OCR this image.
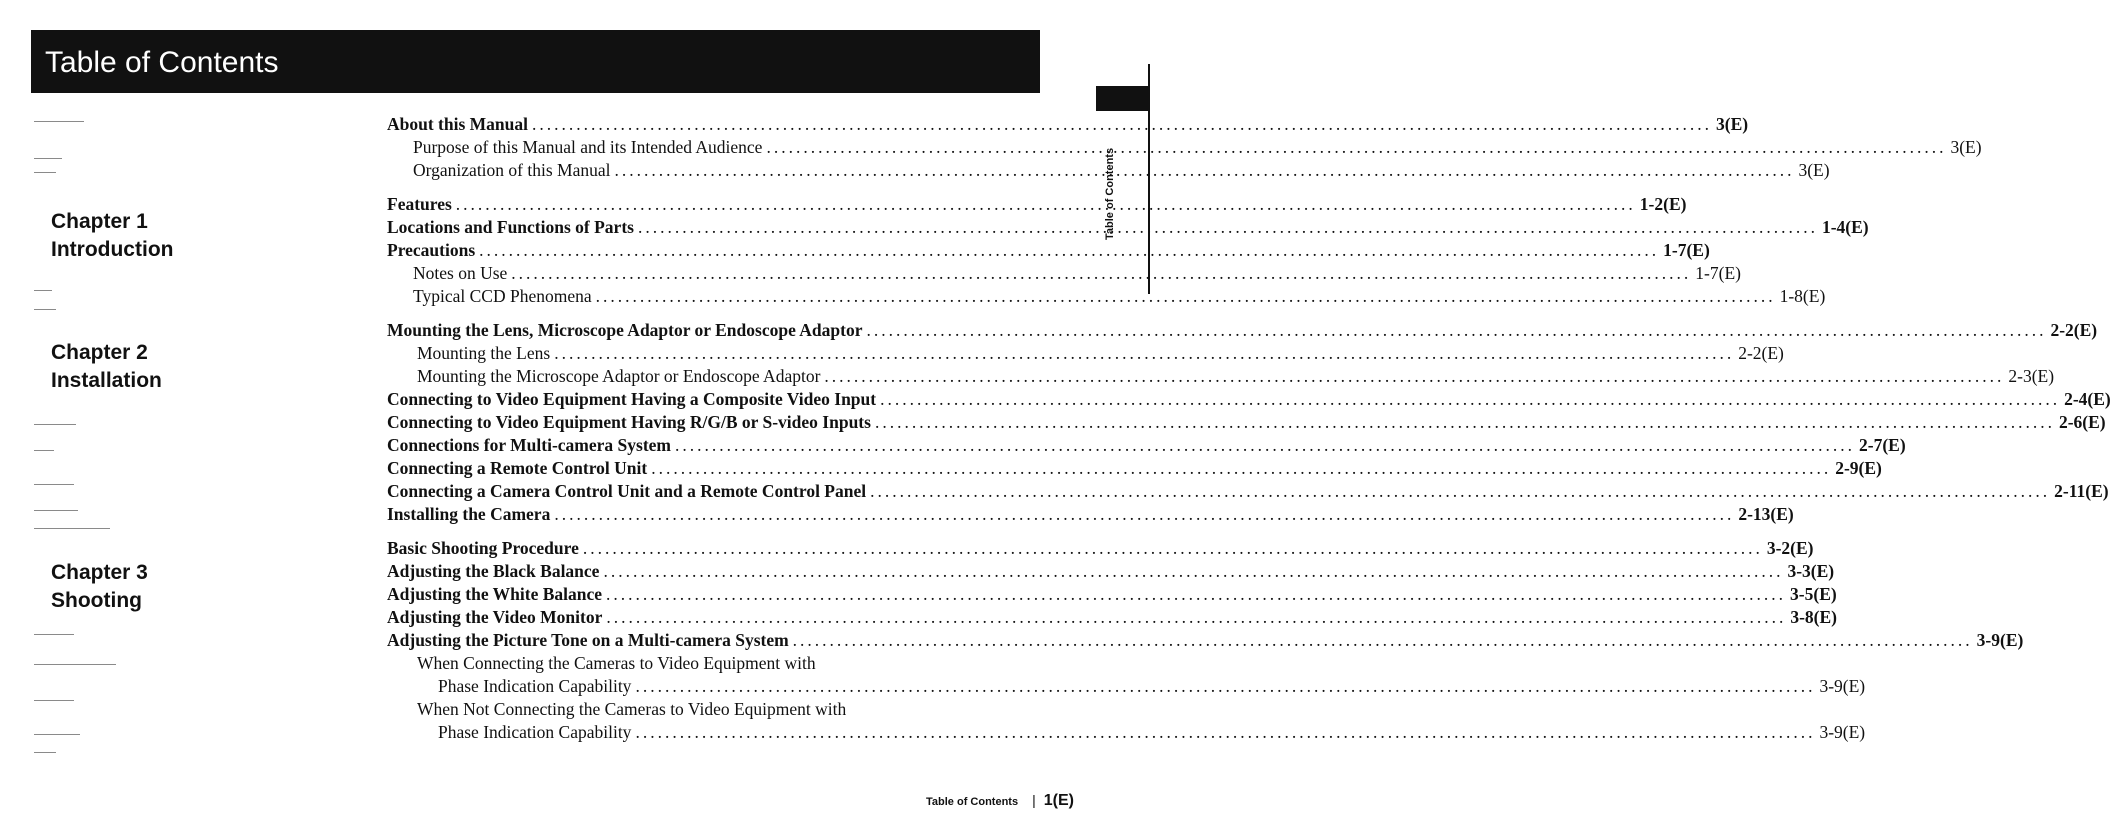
Table of Contents
Table of Contents
Chapter 1
Introduction
Chapter 2
Installation
Chapter 3
Shooting
About this Manual ................................................................................................................................................................ 3(E)
Purpose of this Manual and its Intended Audience ................................................................................................................................................................ 3(E)
Organization of this Manual ................................................................................................................................................................ 3(E)
Features ................................................................................................................................................................ 1-2(E)
Locations and Functions of Parts ................................................................................................................................................................ 1-4(E)
Precautions ................................................................................................................................................................ 1-7(E)
Notes on Use ................................................................................................................................................................ 1-7(E)
Typical CCD Phenomena ................................................................................................................................................................ 1-8(E)
Mounting the Lens, Microscope Adaptor or Endoscope Adaptor ................................................................................................................................................................ 2-2(E)
Mounting the Lens ................................................................................................................................................................ 2-2(E)
Mounting the Microscope Adaptor or Endoscope Adaptor ................................................................................................................................................................ 2-3(E)
Connecting to Video Equipment Having a Composite Video Input ................................................................................................................................................................ 2-4(E)
Connecting to Video Equipment Having R/G/B or S-video Inputs ................................................................................................................................................................ 2-6(E)
Connections for Multi-camera System ................................................................................................................................................................ 2-7(E)
Connecting a Remote Control Unit ................................................................................................................................................................ 2-9(E)
Connecting a Camera Control Unit and a Remote Control Panel ................................................................................................................................................................ 2-11(E)
Installing the Camera ................................................................................................................................................................ 2-13(E)
Basic Shooting Procedure ................................................................................................................................................................ 3-2(E)
Adjusting the Black Balance ................................................................................................................................................................ 3-3(E)
Adjusting the White Balance ................................................................................................................................................................ 3-5(E)
Adjusting the Video Monitor ................................................................................................................................................................ 3-8(E)
Adjusting the Picture Tone on a Multi-camera System ................................................................................................................................................................ 3-9(E)
When Connecting the Cameras to Video Equipment with
Phase Indication Capability ................................................................................................................................................................ 3-9(E)
When Not Connecting the Cameras to Video Equipment with
Phase Indication Capability ................................................................................................................................................................ 3-9(E)
Table of Contents | 1(E)
